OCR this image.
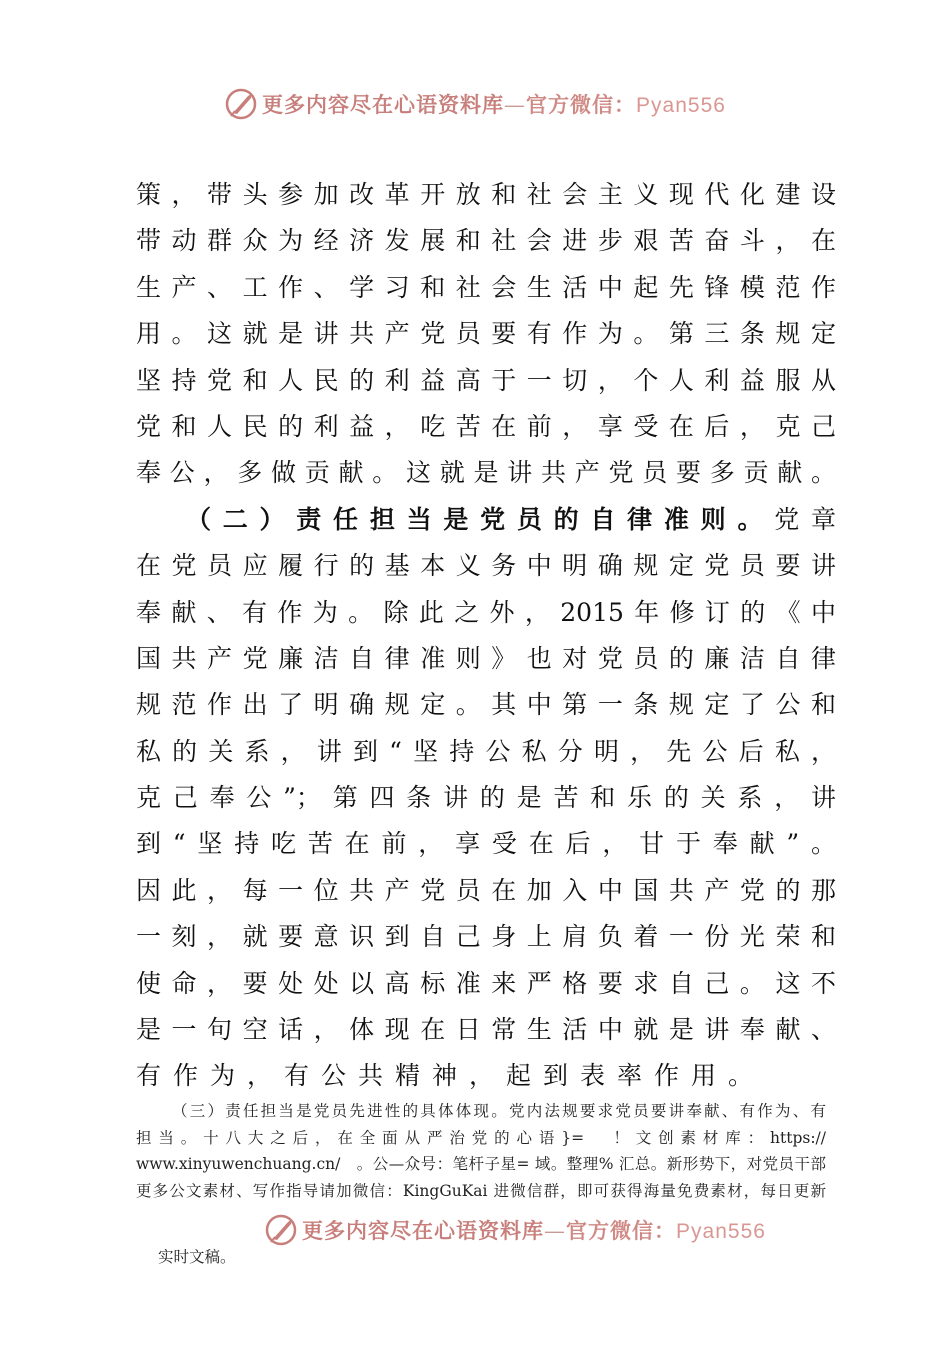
更多内容尽在心语资料库—官方微信：Pyan556
策，带头参加改革开放和社会主义现代化建设
带动群众为经济发展和社会进步艰苦奋斗，在
生产、工作、学习和社会生活中起先锋模范作
用。这就是讲共产党员要有作为。第三条规定
坚持党和人民的利益高于一切，个人利益服从
党和人民的利益，吃苦在前，享受在后，克己
奉公，多做贡献。这就是讲共产党员要多贡献。
（二）责任担当是党员的自律准则。党章
在党员应履行的基本义务中明确规定党员要讲
奉献、有作为。除此之外，2015年修订的《中
国共产党廉洁自律准则》也对党员的廉洁自律
规范作出了明确规定。其中第一条规定了公和
私的关系，讲到“坚持公私分明，先公后私，
克己奉公”；第四条讲的是苦和乐的关系，讲
到“坚持吃苦在前，享受在后，甘于奉献”。
因此，每一位共产党员在加入中国共产党的那
一刻，就要意识到自己身上肩负着一份光荣和
使命，要处处以高标准来严格要求自己。这不
是一句空话，体现在日常生活中就是讲奉献、
有作为，有公共精神，起到表率作用。
（三）责任担当是党员先进性的具体体现。党内法规要求党员要讲奉献、有作为、有
担当。十八大之后，在全面从严治党的心语}=　！文创素材库：https://
www.xinyuwenchuang.cn/　。公—众号：笔杆子星= 域。整理% 汇总。新形势下，对党员干部
更多公文素材、写作指导请加微信：KingGuKai 进微信群，即可获得海量免费素材，每日更新
更多内容尽在心语资料库—官方微信：Pyan556
实时文稿。
